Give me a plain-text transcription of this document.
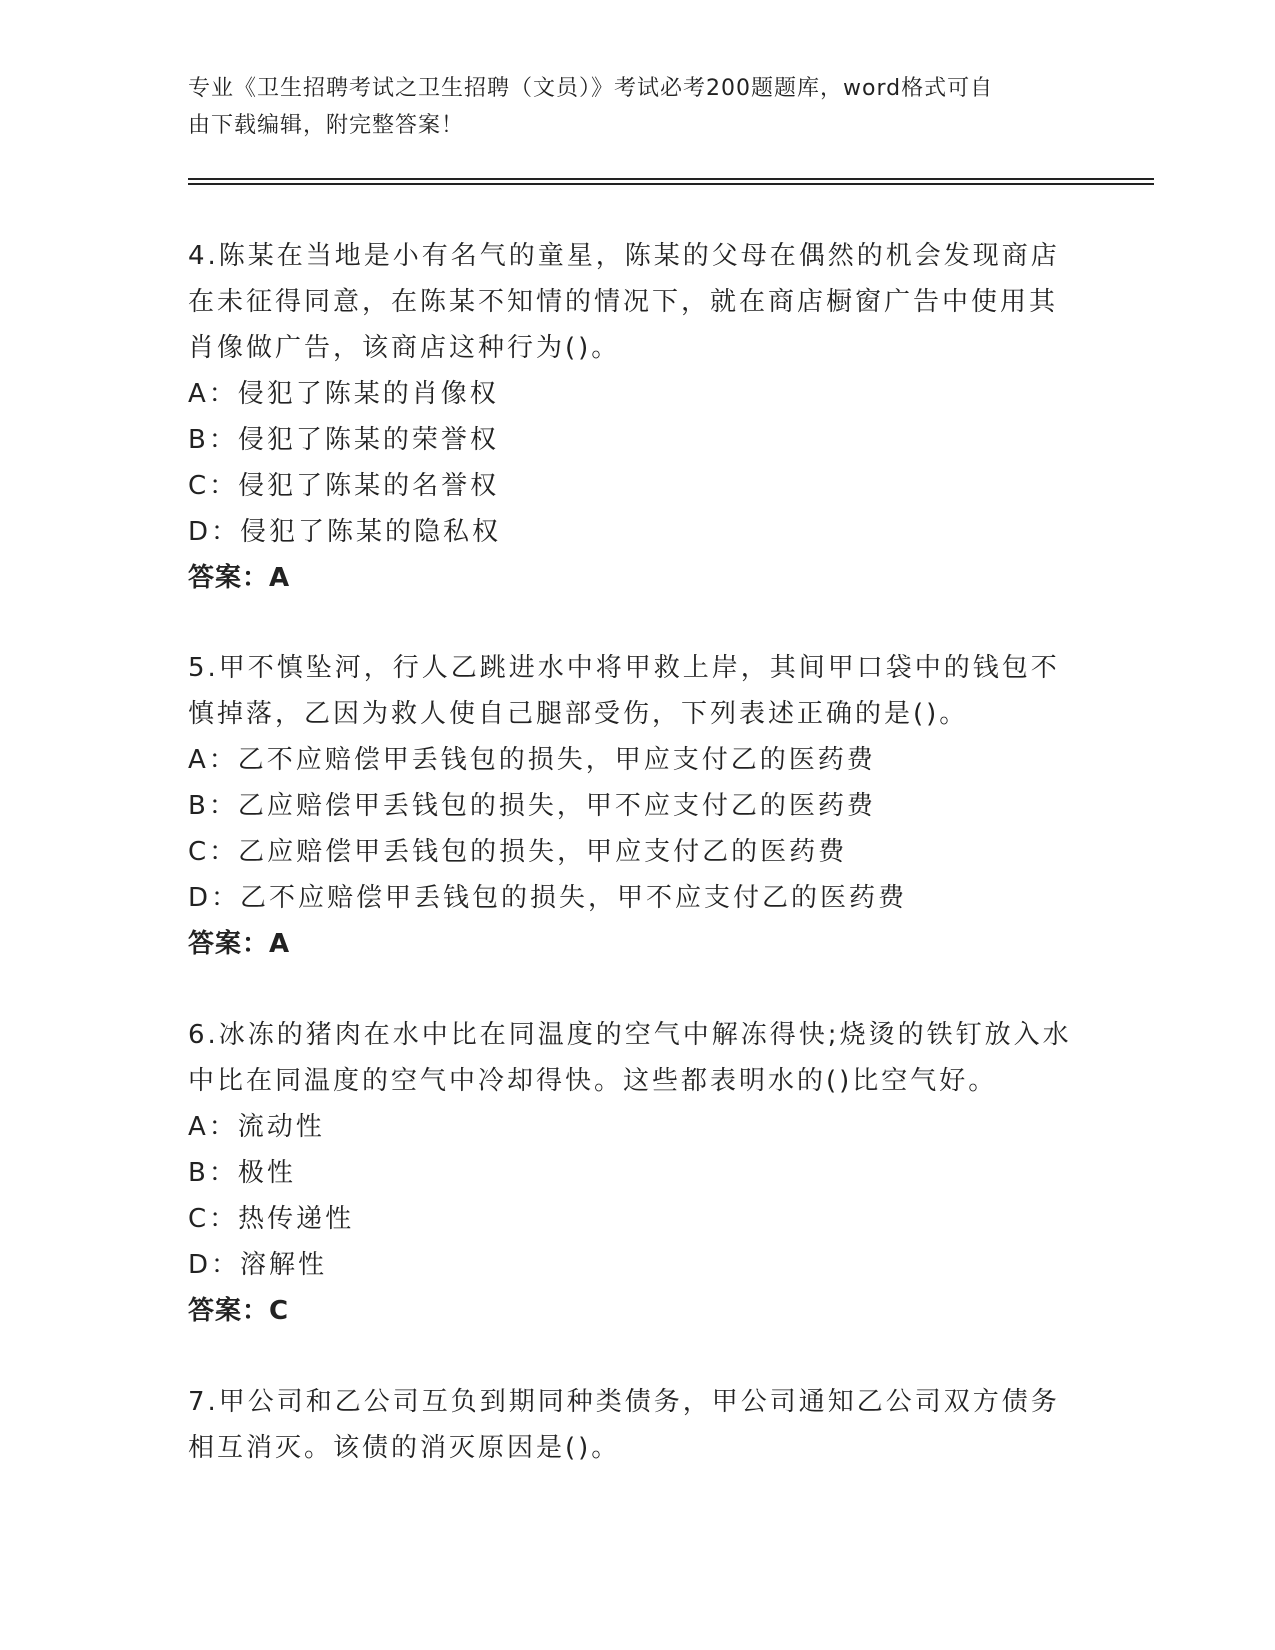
专业《卫生招聘考试之卫生招聘（文员）》考试必考200题题库，word格式可自
由下载编辑，附完整答案！
4.陈某在当地是小有名气的童星，陈某的父母在偶然的机会发现商店在未征得同意，在陈某不知情的情况下，就在商店橱窗广告中使用其肖像做广告，该商店这种行为()。
A：侵犯了陈某的肖像权
B：侵犯了陈某的荣誉权
C：侵犯了陈某的名誉权
D：侵犯了陈某的隐私权
答案：A
5.甲不慎坠河，行人乙跳进水中将甲救上岸，其间甲口袋中的钱包不慎掉落，乙因为救人使自己腿部受伤，下列表述正确的是()。
A：乙不应赔偿甲丢钱包的损失，甲应支付乙的医药费
B：乙应赔偿甲丢钱包的损失，甲不应支付乙的医药费
C：乙应赔偿甲丢钱包的损失，甲应支付乙的医药费
D：乙不应赔偿甲丢钱包的损失，甲不应支付乙的医药费
答案：A
6.冰冻的猪肉在水中比在同温度的空气中解冻得快;烧烫的铁钉放入水中比在同温度的空气中冷却得快。这些都表明水的()比空气好。
A：流动性
B：极性
C：热传递性
D：溶解性
答案：C
7.甲公司和乙公司互负到期同种类债务，甲公司通知乙公司双方债务相互消灭。该债的消灭原因是()。
